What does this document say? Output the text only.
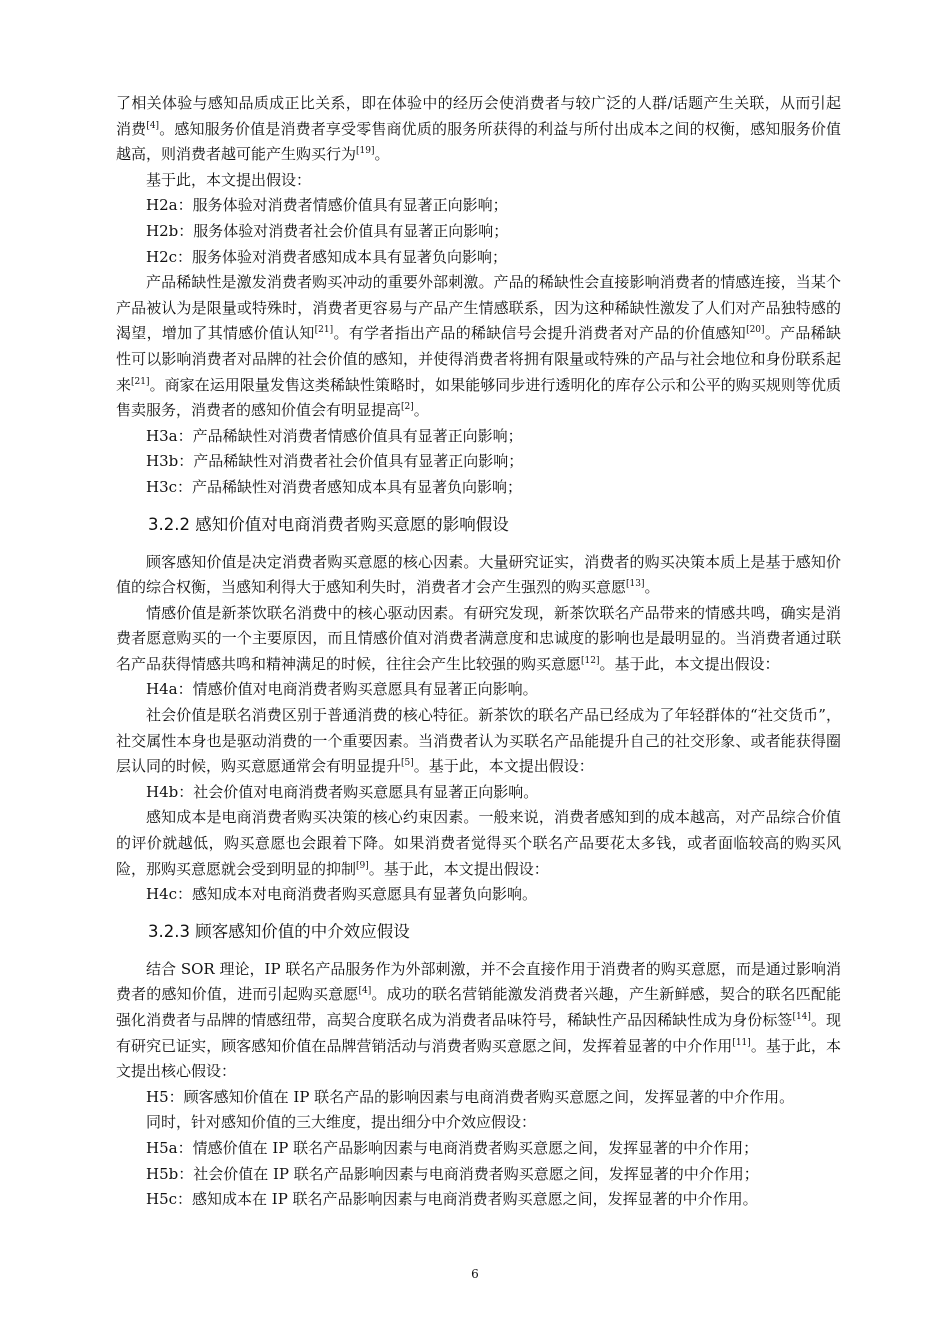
了相关体验与感知品质成正比关系，即在体验中的经历会使消费者与较广泛的人群/话题产生关联，从而引起消费[4]。感知服务价值是消费者享受零售商优质的服务所获得的利益与所付出成本之间的权衡，感知服务价值越高，则消费者越可能产生购买行为[19]。

基于此，本文提出假设：

H2a：服务体验对消费者情感价值具有显著正向影响；

H2b：服务体验对消费者社会价值具有显著正向影响；

H2c：服务体验对消费者感知成本具有显著负向影响；

产品稀缺性是激发消费者购买冲动的重要外部刺激。产品的稀缺性会直接影响消费者的情感连接，当某个产品被认为是限量或特殊时，消费者更容易与产品产生情感联系，因为这种稀缺性激发了人们对产品独特感的渴望，增加了其情感价值认知[21]。有学者指出产品的稀缺信号会提升消费者对产品的价值感知[20]。产品稀缺性可以影响消费者对品牌的社会价值的感知，并使得消费者将拥有限量或特殊的产品与社会地位和身份联系起来[21]。商家在运用限量发售这类稀缺性策略时，如果能够同步进行透明化的库存公示和公平的购买规则等优质售卖服务，消费者的感知价值会有明显提高[2]。

H3a：产品稀缺性对消费者情感价值具有显著正向影响；

H3b：产品稀缺性对消费者社会价值具有显著正向影响；

H3c：产品稀缺性对消费者感知成本具有显著负向影响；

3.2.2 感知价值对电商消费者购买意愿的影响假设

顾客感知价值是决定消费者购买意愿的核心因素。大量研究证实，消费者的购买决策本质上是基于感知价值的综合权衡，当感知利得大于感知利失时，消费者才会产生强烈的购买意愿[13]。

情感价值是新茶饮联名消费中的核心驱动因素。有研究发现，新茶饮联名产品带来的情感共鸣，确实是消费者愿意购买的一个主要原因，而且情感价值对消费者满意度和忠诚度的影响也是最明显的。当消费者通过联名产品获得情感共鸣和精神满足的时候，往往会产生比较强的购买意愿[12]。基于此，本文提出假设：

H4a：情感价值对电商消费者购买意愿具有显著正向影响。

社会价值是联名消费区别于普通消费的核心特征。新茶饮的联名产品已经成为了年轻群体的“社交货币”，社交属性本身也是驱动消费的一个重要因素。当消费者认为买联名产品能提升自己的社交形象、或者能获得圈层认同的时候，购买意愿通常会有明显提升[5]。基于此，本文提出假设：

H4b：社会价值对电商消费者购买意愿具有显著正向影响。

感知成本是电商消费者购买决策的核心约束因素。一般来说，消费者感知到的成本越高，对产品综合价值的评价就越低，购买意愿也会跟着下降。如果消费者觉得买个联名产品要花太多钱，或者面临较高的购买风险，那购买意愿就会受到明显的抑制[9]。基于此，本文提出假设：

H4c：感知成本对电商消费者购买意愿具有显著负向影响。

3.2.3 顾客感知价值的中介效应假设

结合 SOR 理论，IP 联名产品服务作为外部刺激，并不会直接作用于消费者的购买意愿，而是通过影响消费者的感知价值，进而引起购买意愿[4]。成功的联名营销能激发消费者兴趣，产生新鲜感，契合的联名匹配能强化消费者与品牌的情感纽带，高契合度联名成为消费者品味符号，稀缺性产品因稀缺性成为身份标签[14]。现有研究已证实，顾客感知价值在品牌营销活动与消费者购买意愿之间，发挥着显著的中介作用[11]。基于此，本文提出核心假设：

H5：顾客感知价值在 IP 联名产品的影响因素与电商消费者购买意愿之间，发挥显著的中介作用。

同时，针对感知价值的三大维度，提出细分中介效应假设：

H5a：情感价值在 IP 联名产品影响因素与电商消费者购买意愿之间，发挥显著的中介作用；

H5b：社会价值在 IP 联名产品影响因素与电商消费者购买意愿之间，发挥显著的中介作用；

H5c：感知成本在 IP 联名产品影响因素与电商消费者购买意愿之间，发挥显著的中介作用。

6
